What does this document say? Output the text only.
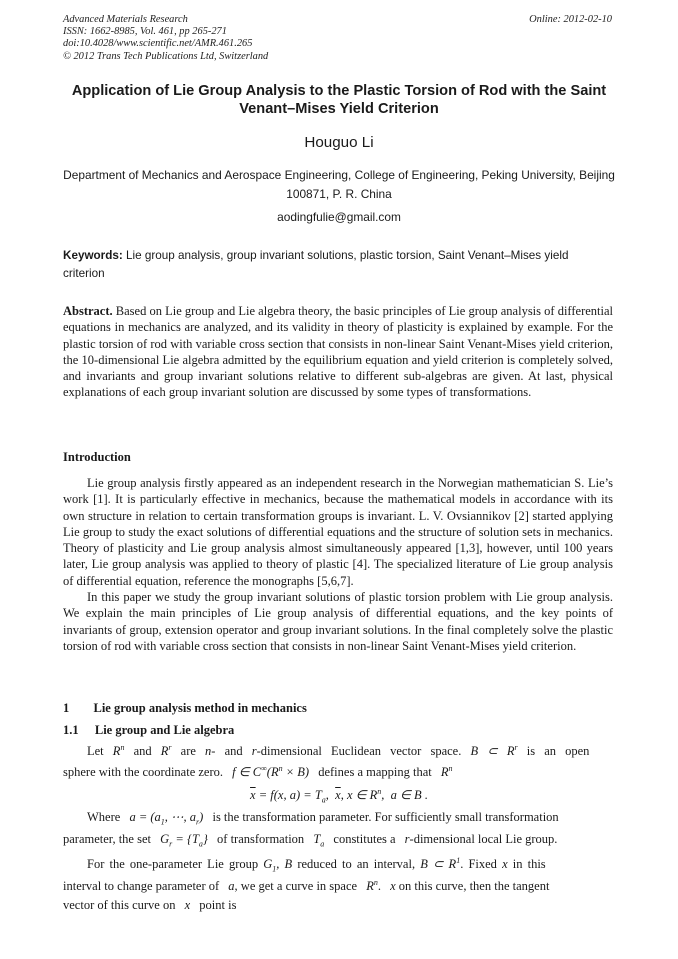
Advanced Materials Research
ISSN: 1662-8985, Vol. 461, pp 265-271
doi:10.4028/www.scientific.net/AMR.461.265
© 2012 Trans Tech Publications Ltd, Switzerland
Online: 2012-02-10
Application of Lie Group Analysis to the Plastic Torsion of Rod with the Saint Venant–Mises Yield Criterion
Houguo Li
Department of Mechanics and Aerospace Engineering, College of Engineering, Peking University, Beijing 100871, P. R. China
aodingfulie@gmail.com
Keywords: Lie group analysis, group invariant solutions, plastic torsion, Saint Venant–Mises yield criterion
Abstract. Based on Lie group and Lie algebra theory, the basic principles of Lie group analysis of differential equations in mechanics are analyzed, and its validity in theory of plasticity is explained by example. For the plastic torsion of rod with variable cross section that consists in non-linear Saint Venant-Mises yield criterion, the 10-dimensional Lie algebra admitted by the equilibrium equation and yield criterion is completely solved, and invariants and group invariant solutions relative to different sub-algebras are given. At last, physical explanations of each group invariant solution are discussed by some types of transformations.
Introduction

Lie group analysis firstly appeared as an independent research in the Norwegian mathematician S. Lie’s work [1]. It is particularly effective in mechanics, because the mathematical models in accordance with its own structure in relation to certain transformation groups is invariant. L. V. Ovsiannikov [2] started applying Lie group to study the exact solutions of differential equations and the structure of solution sets in mechanics. Theory of plasticity and Lie group analysis almost simultaneously appeared [1,3], however, until 100 years later, Lie group analysis was applied to theory of plastic [4]. The specialized literature of Lie group analysis of differential equation, reference the monographs [5,6,7].

In this paper we study the group invariant solutions of plastic torsion problem with Lie group analysis. We explain the main principles of Lie group analysis of differential equations, and the key points of invariants of group, extension operator and group invariant solutions. In the final completely solve the plastic torsion of rod with variable cross section that consists in non-linear Saint Venant-Mises yield criterion.

1 Lie group analysis method in mechanics
1.1 Lie group and Lie algebra
Let $R^n$ and $R^r$ are n- and r-dimensional Euclidean vector space. B ⊂ $R^r$ is an open
sphere with the coordinate zero. f ∈ $C^\infty(R^n \times B)$ defines a mapping that $R^n$
$\overline{x} = f(x$, $a) = T_a$,  $\overline{x}$, x ∈ $R^n$,  a ∈ B .
Where $a = (a_1$, ⋯, $a_r$) is the transformation parameter. For sufficiently small transformation
parameter, the set $G_r = \{T_a\}$ of transformation $T_a$ constitutes a r-dimensional local Lie group.
For the one-parameter Lie group $G_1$, B reduced to an interval, B ⊂ $R^1$. Fixed x in this
interval to change parameter of a, we get a curve in space $R^n$. x on this curve, then the tangent
vector of this curve on x point is
